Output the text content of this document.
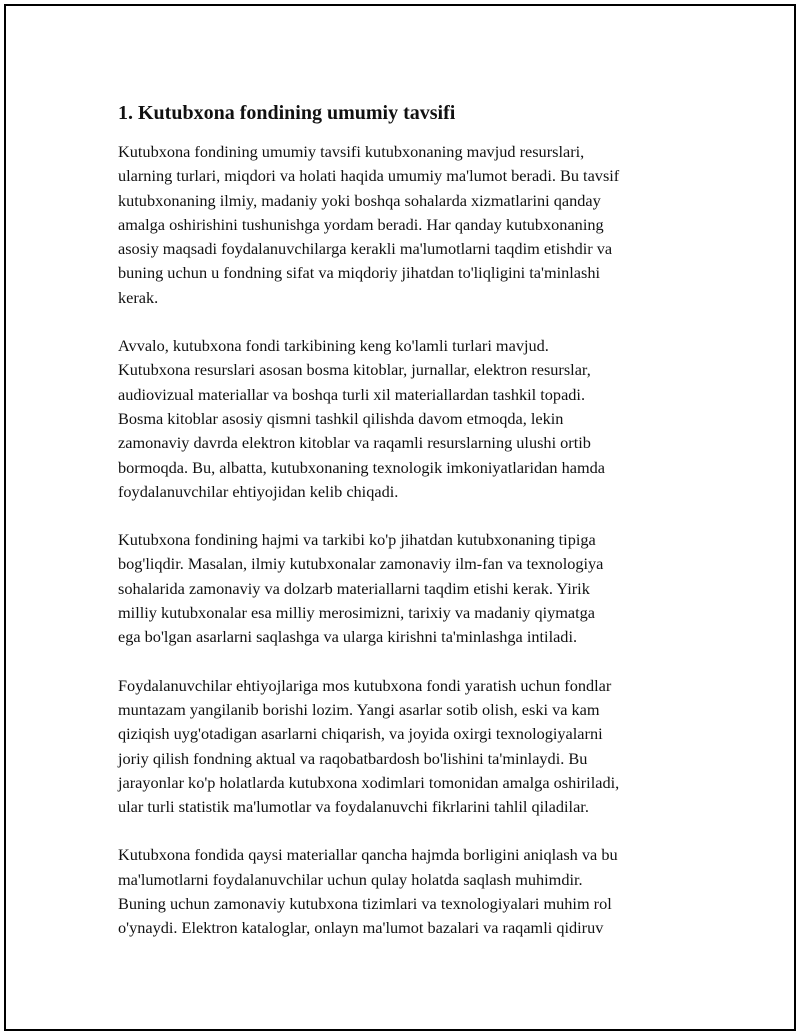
1. Kutubxona fondining umumiy tavsifi

Kutubxona fondining umumiy tavsifi kutubxonaning mavjud resurslari,
ularning turlari, miqdori va holati haqida umumiy ma'lumot beradi. Bu tavsif
kutubxonaning ilmiy, madaniy yoki boshqa sohalarda xizmatlarini qanday
amalga oshirishini tushunishga yordam beradi. Har qanday kutubxonaning
asosiy maqsadi foydalanuvchilarga kerakli ma'lumotlarni taqdim etishdir va
buning uchun u fondning sifat va miqdoriy jihatdan to'liqligini ta'minlashi
kerak.

Avvalo, kutubxona fondi tarkibining keng ko'lamli turlari mavjud.
Kutubxona resurslari asosan bosma kitoblar, jurnallar, elektron resurslar,
audiovizual materiallar va boshqa turli xil materiallardan tashkil topadi.
Bosma kitoblar asosiy qismni tashkil qilishda davom etmoqda, lekin
zamonaviy davrda elektron kitoblar va raqamli resurslarning ulushi ortib
bormoqda. Bu, albatta, kutubxonaning texnologik imkoniyatlaridan hamda
foydalanuvchilar ehtiyojidan kelib chiqadi.

Kutubxona fondining hajmi va tarkibi ko'p jihatdan kutubxonaning tipiga
bog'liqdir. Masalan, ilmiy kutubxonalar zamonaviy ilm-fan va texnologiya
sohalarida zamonaviy va dolzarb materiallarni taqdim etishi kerak. Yirik
milliy kutubxonalar esa milliy merosimizni, tarixiy va madaniy qiymatga
ega bo'lgan asarlarni saqlashga va ularga kirishni ta'minlashga intiladi.

Foydalanuvchilar ehtiyojlariga mos kutubxona fondi yaratish uchun fondlar
muntazam yangilanib borishi lozim. Yangi asarlar sotib olish, eski va kam
qiziqish uyg'otadigan asarlarni chiqarish, va joyida oxirgi texnologiyalarni
joriy qilish fondning aktual va raqobatbardosh bo'lishini ta'minlaydi. Bu
jarayonlar ko'p holatlarda kutubxona xodimlari tomonidan amalga oshiriladi,
ular turli statistik ma'lumotlar va foydalanuvchi fikrlarini tahlil qiladilar.

Kutubxona fondida qaysi materiallar qancha hajmda borligini aniqlash va bu
ma'lumotlarni foydalanuvchilar uchun qulay holatda saqlash muhimdir.
Buning uchun zamonaviy kutubxona tizimlari va texnologiyalari muhim rol
o'ynaydi. Elektron kataloglar, onlayn ma'lumot bazalari va raqamli qidiruv
